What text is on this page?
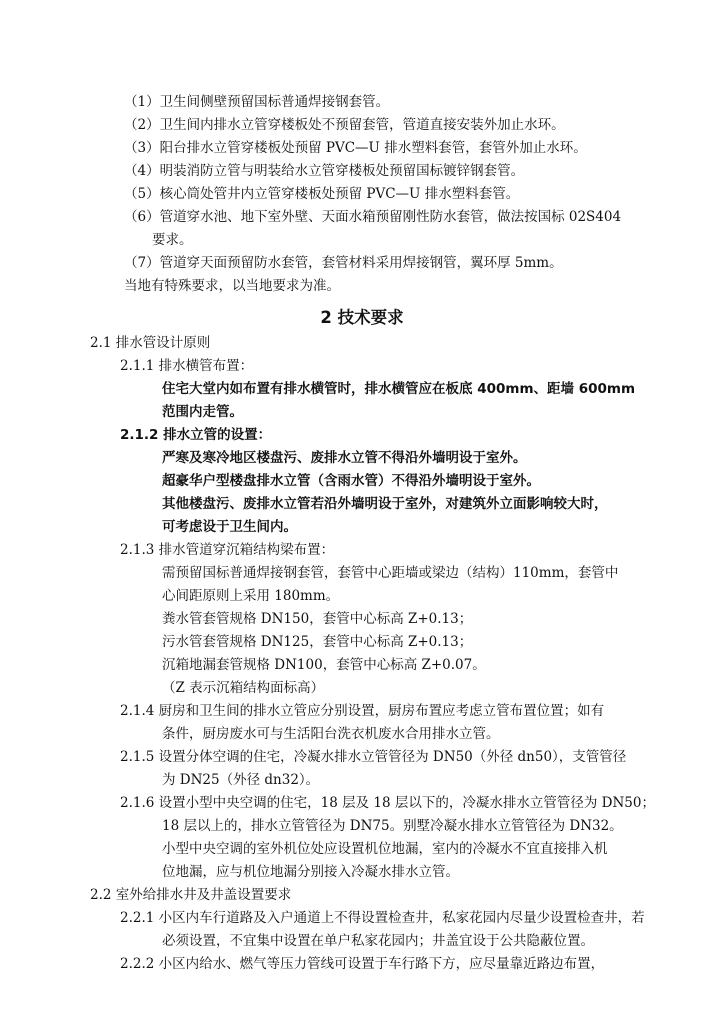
（1）卫生间侧壁预留国标普通焊接钢套管。
（2）卫生间内排水立管穿楼板处不预留套管，管道直接安装外加止水环。
（3）阳台排水立管穿楼板处预留 PVC—U 排水塑料套管，套管外加止水环。
（4）明装消防立管与明装给水立管穿楼板处预留国标镀锌钢套管。
（5）核心筒处管井内立管穿楼板处预留 PVC—U 排水塑料套管。
（6）管道穿水池、地下室外壁、天面水箱预留刚性防水套管，做法按国标 02S404
要求。
（7）管道穿天面预留防水套管，套管材料采用焊接钢管，翼环厚 5mm。
当地有特殊要求，以当地要求为准。
2 技术要求
2.1 排水管设计原则
2.1.1 排水横管布置：
住宅大堂内如布置有排水横管时，排水横管应在板底 400mm、距墙 600mm
范围内走管。
2.1.2 排水立管的设置：
严寒及寒冷地区楼盘污、废排水立管不得沿外墙明设于室外。
超豪华户型楼盘排水立管（含雨水管）不得沿外墙明设于室外。
其他楼盘污、废排水立管若沿外墙明设于室外，对建筑外立面影响较大时，
可考虑设于卫生间内。
2.1.3 排水管道穿沉箱结构梁布置：
需预留国标普通焊接钢套管，套管中心距墙或梁边（结构）110mm，套管中
心间距原则上采用 180mm。
粪水管套管规格 DN150，套管中心标高 Z+0.13；
污水管套管规格 DN125，套管中心标高 Z+0.13；
沉箱地漏套管规格 DN100，套管中心标高 Z+0.07。
（Z 表示沉箱结构面标高）
2.1.4 厨房和卫生间的排水立管应分别设置，厨房布置应考虑立管布置位置；如有
条件，厨房废水可与生活阳台洗衣机废水合用排水立管。
2.1.5 设置分体空调的住宅，冷凝水排水立管管径为 DN50（外径 dn50），支管管径
为 DN25（外径 dn32）。
2.1.6 设置小型中央空调的住宅，18 层及 18 层以下的，冷凝水排水立管管径为 DN50；
18 层以上的，排水立管管径为 DN75。别墅冷凝水排水立管管径为 DN32。
小型中央空调的室外机位处应设置机位地漏，室内的冷凝水不宜直接排入机
位地漏，应与机位地漏分别接入冷凝水排水立管。
2.2 室外给排水井及井盖设置要求
2.2.1 小区内车行道路及入户通道上不得设置检查井，私家花园内尽量少设置检查井，若
必须设置，不宜集中设置在单户私家花园内；井盖宜设于公共隐蔽位置。
2.2.2 小区内给水、燃气等压力管线可设置于车行路下方，应尽量靠近路边布置，
